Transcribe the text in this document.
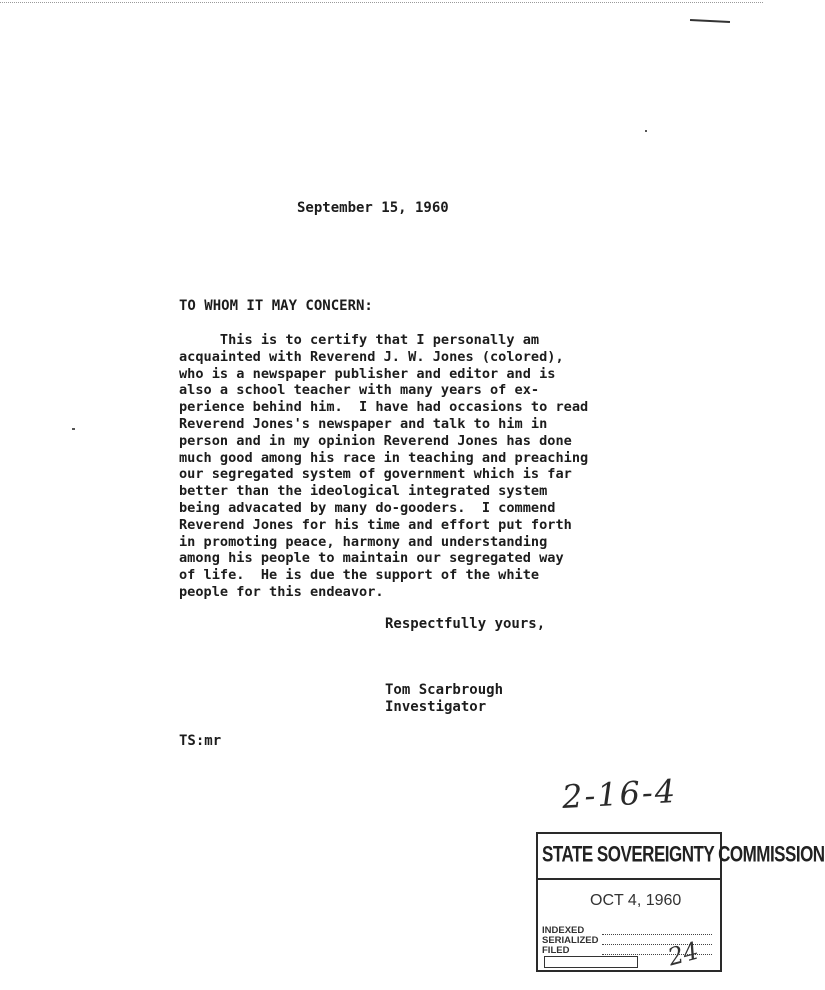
September 15, 1960
TO WHOM IT MAY CONCERN:
This is to certify that I personally am
acquainted with Reverend J. W. Jones (colored),
who is a newspaper publisher and editor and is
also a school teacher with many years of ex-
perience behind him.  I have had occasions to read
Reverend Jones's newspaper and talk to him in
person and in my opinion Reverend Jones has done
much good among his race in teaching and preaching
our segregated system of government which is far
better than the ideological integrated system
being advacated by many do-gooders.  I commend
Reverend Jones for his time and effort put forth
in promoting peace, harmony and understanding
among his people to maintain our segregated way
of life.  He is due the support of the white
people for this endeavor.
Respectfully yours,
Tom Scarbrough
Investigator
TS:mr
2-16-4
STATE SOVEREIGNTY COMMISSION
OCT 4, 1960
INDEXED
SERIALIZED
FILED	24
